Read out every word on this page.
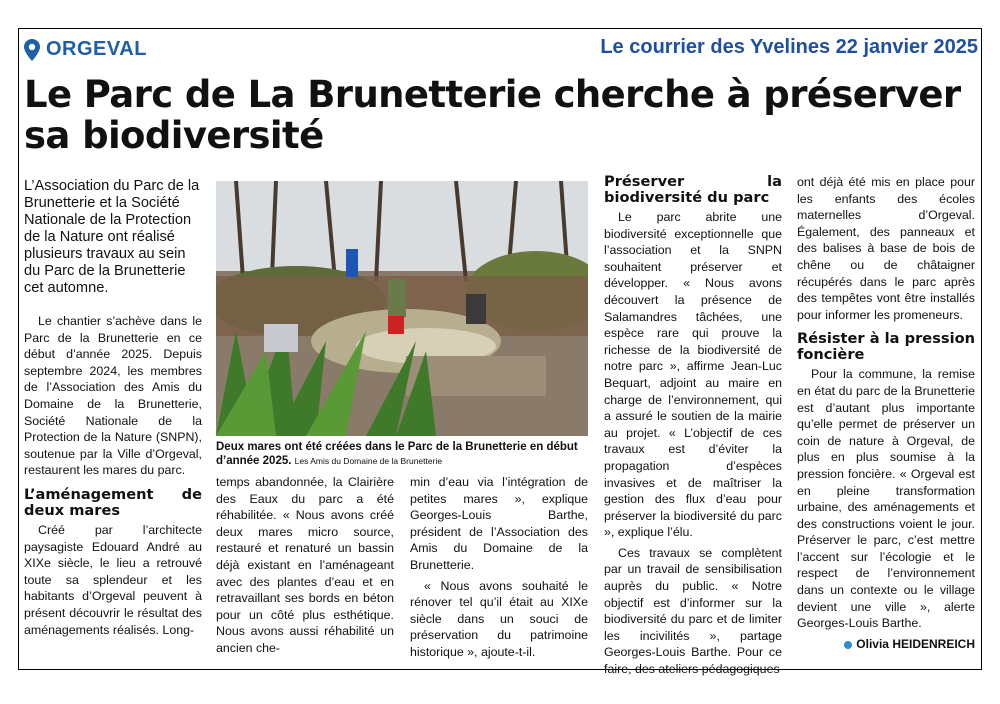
ORGEVAL	Le courrier des Yvelines 22 janvier 2025
Le Parc de La Brunetterie cherche à préserver sa biodiversité

L’Association du Parc de la Brunetterie et la Société Nationale de la Protection de la Nature ont réalisé plusieurs travaux au sein du Parc de la Brunetterie cet automne.

Le chantier s’achève dans le Parc de la Brunetterie en ce début d’année 2025. Depuis septembre 2024, les membres de l’Association des Amis du Domaine de la Brunetterie, Société Nationale de la Protection de la Nature (SNPN), soutenue par la Ville d’Orgeval, restaurent les mares du parc.

L’aménagement de deux mares

Créé par l’architecte paysagiste Edouard André au XIXe siècle, le lieu a retrouvé toute sa splendeur et les habitants d’Orgeval peuvent à présent découvrir le résultat des aménagements réalisés. Long-

Deux mares ont été créées dans le Parc de la Brunetterie en début d’année 2025. Les Amis du Domaine de la Brunetterie

temps abandonnée, la Clairière des Eaux du parc a été réhabilitée. « Nous avons créé deux mares micro source, restauré et renaturé un bassin déjà existant en l’aménageant avec des plantes d’eau et en retravaillant ses bords en béton pour un côté plus esthétique. Nous avons aussi réhabilité un ancien che-

min d’eau via l’intégration de petites mares », explique Georges-Louis Barthe, président de l’Association des Amis du Domaine de la Brunetterie.

« Nous avons souhaité le rénover tel qu’il était au XIXe siècle dans un souci de préservation du patrimoine historique », ajoute-t-il.

Préserver la biodiversité du parc

Le parc abrite une biodiversité exceptionnelle que l’association et la SNPN souhaitent préserver et développer. « Nous avons découvert la présence de Salamandres tâchées, une espèce rare qui prouve la richesse de la biodiversité de notre parc », affirme Jean-Luc Bequart, adjoint au maire en charge de l’environnement, qui a assuré le soutien de la mairie au projet. « L’objectif de ces travaux est d’éviter la propagation d’espèces invasives et de maîtriser la gestion des flux d’eau pour préserver la biodiversité du parc », explique l’élu.

Ces travaux se complètent par un travail de sensibilisation auprès du public. « Notre objectif est d’informer sur la biodiversité du parc et de limiter les incivilités », partage Georges-Louis Barthe. Pour ce faire, des ateliers pédagogiques

ont déjà été mis en place pour les enfants des écoles maternelles d’Orgeval. Également, des panneaux et des balises à base de bois de chêne ou de châtaigner récupérés dans le parc après des tempêtes vont être installés pour informer les promeneurs.

Résister à la pression foncière

Pour la commune, la remise en état du parc de la Brunetterie est d’autant plus importante qu’elle permet de préserver un coin de nature à Orgeval, de plus en plus soumise à la pression foncière. « Orgeval est en pleine transformation urbaine, des aménagements et des constructions voient le jour. Préserver le parc, c’est mettre l’accent sur l’écologie et le respect de l’environnement dans un contexte ou le village devient une ville », alerte Georges-Louis Barthe.

Olivia HEIDENREICH
